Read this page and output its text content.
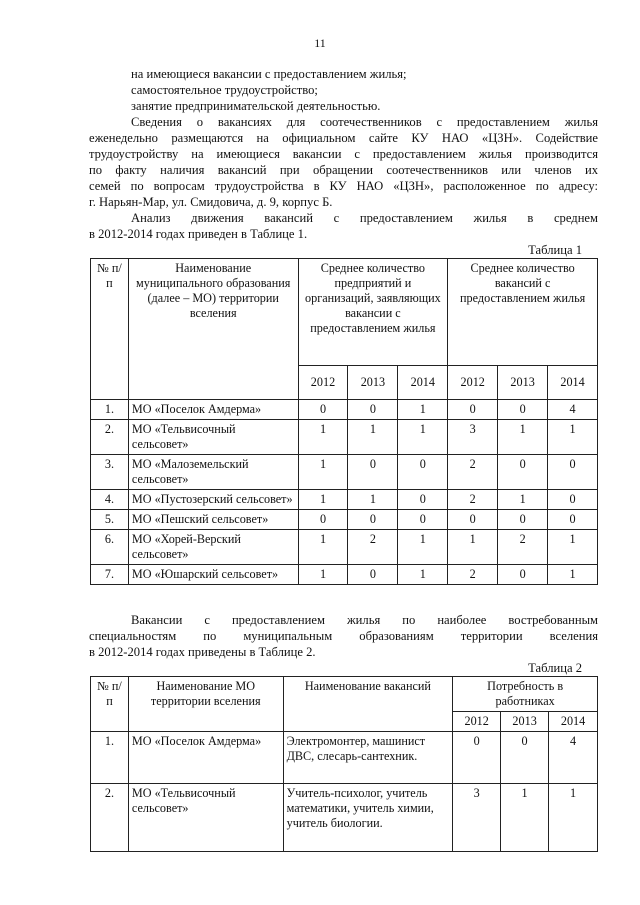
11

на имеющиеся вакансии с предоставлением жилья;

самостоятельное трудоустройство;

занятие предпринимательской деятельностью.

Сведения о вакансиях для соотечественников с предоставлением жилья

еженедельно размещаются на официальном сайте КУ НАО «ЦЗН». Содействие

трудоустройству на имеющиеся вакансии с предоставлением жилья производится

по факту наличия вакансий при обращении соотечественников или членов их

семей по вопросам трудоустройства в КУ НАО «ЦЗН», расположенное по адресу:

г. Нарьян-Мар, ул. Смидовича, д. 9, корпус Б.

Анализ движения вакансий с предоставлением жилья в среднем

в 2012-2014 годах приведен в Таблице 1.

Таблица 1
№ п/п	Наименование муниципального образования (далее – МО) территории вселения	Среднее количество предприятий и организаций, заявляющих вакансии с предоставлением жилья			Среднее количество вакансий с предоставлением жилья		
		2012	2013	2014	2012	2013	2014
1.	МО «Поселок Амдерма»	0	0	1	0	0	4
2.	МО «Тельвисочный сельсовет»	1	1	1	3	1	1
3.	МО «Малоземельский сельсовет»	1	0	0	2	0	0
4.	МО «Пустозерский сельсовет»	1	1	0	2	1	0
5.	МО «Пешский сельсовет»	0	0	0	0	0	0
6.	МО «Хорей-Верский сельсовет»	1	2	1	1	2	1
7.	МО «Юшарский сельсовет»	1	0	1	2	0	1

Вакансии с предоставлением жилья по наиболее востребованным

специальностям по муниципальным образованиям территории вселения

в 2012-2014 годах приведены в Таблице 2.

Таблица 2
№ п/п	Наименование МО территории вселения	Наименование вакансий	Потребность в работниках		
			2012	2013	2014
1.	МО «Поселок Амдерма»	Электромонтер, машинист ДВС, слесарь-сантехник.	0	0	4
2.	МО «Тельвисочный сельсовет»	Учитель-психолог, учитель математики, учитель химии, учитель биологии.	3	1	1
